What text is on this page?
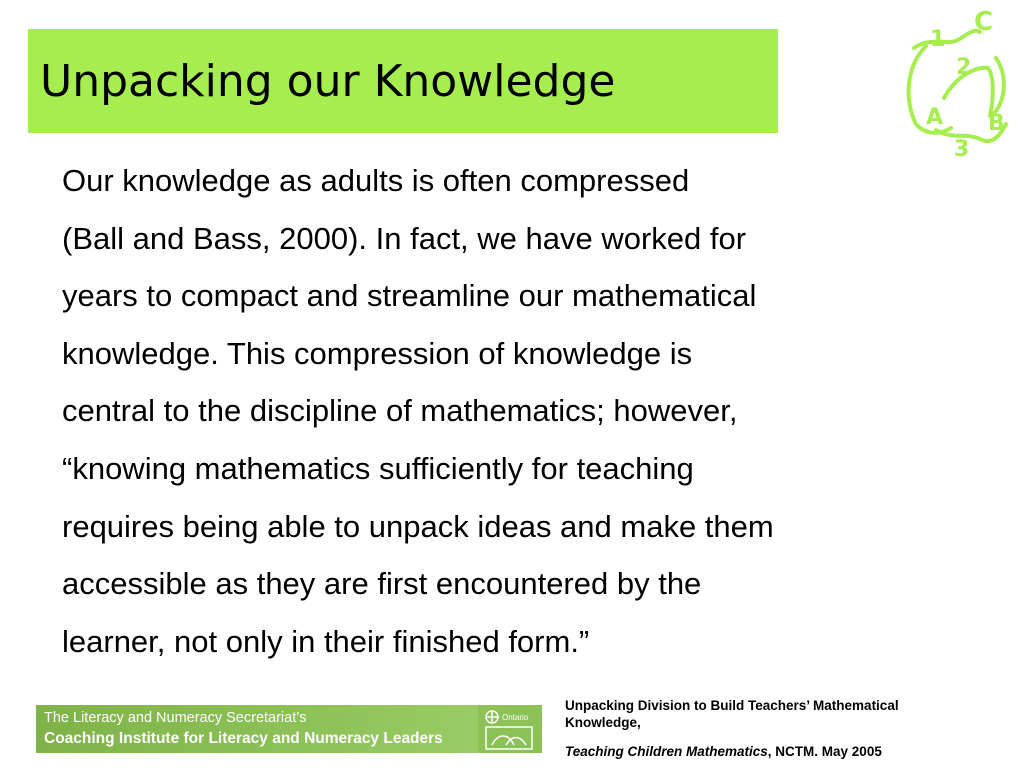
Unpacking our Knowledge
C
1
2
A B
3
Our knowledge as adults is often compressed
(Ball and Bass, 2000). In fact, we have worked for
years to compact and streamline our mathematical
knowledge. This compression of knowledge is
central to the discipline of mathematics; however,
“knowing mathematics sufficiently for teaching
requires being able to unpack ideas and make them
accessible as they are first encountered by the
learner, not only in their finished form.”
The Literacy and Numeracy Secretariat’s
Coaching Institute for Literacy and Numeracy Leaders
Ontario
Unpacking Division to Build Teachers’ Mathematical
Knowledge,
Teaching Children Mathematics, NCTM. May 2005
